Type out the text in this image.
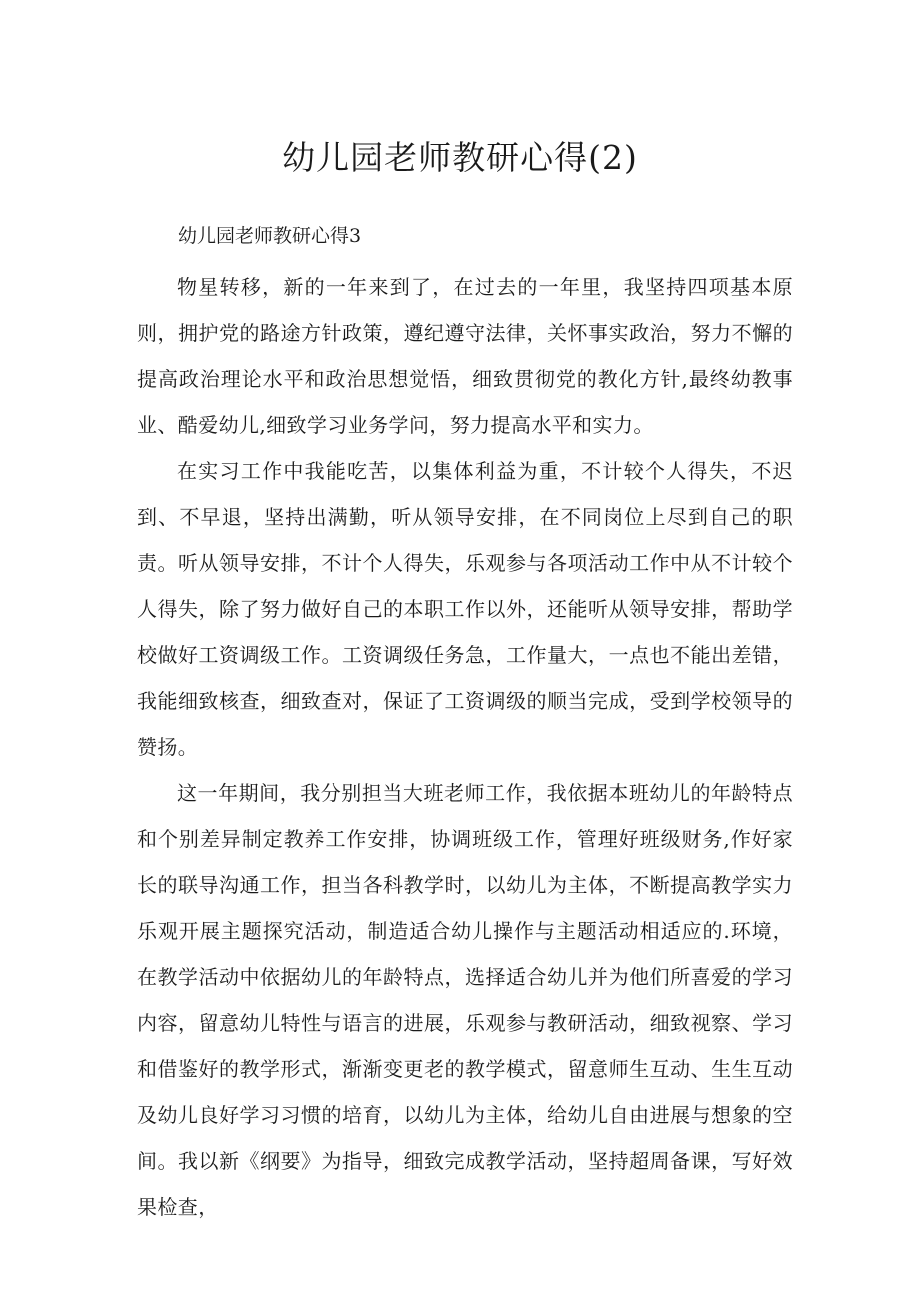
幼儿园老师教研心得(2)

幼儿园老师教研心得3

物星转移，新的一年来到了，在过去的一年里，我坚持四项基本原则，拥护党的路途方针政策，遵纪遵守法律，关怀事实政治，努力不懈的提高政治理论水平和政治思想觉悟，细致贯彻党的教化方针,最终幼教事业、酷爱幼儿,细致学习业务学问，努力提高水平和实力。

在实习工作中我能吃苦，以集体利益为重，不计较个人得失，不迟到、不早退，坚持出满勤，听从领导安排，在不同岗位上尽到自己的职责。听从领导安排，不计个人得失，乐观参与各项活动工作中从不计较个人得失，除了努力做好自己的本职工作以外，还能听从领导安排，帮助学校做好工资调级工作。工资调级任务急，工作量大，一点也不能出差错，我能细致核查，细致查对，保证了工资调级的顺当完成，受到学校领导的赞扬。

这一年期间，我分别担当大班老师工作，我依据本班幼儿的年龄特点和个别差异制定教养工作安排，协调班级工作，管理好班级财务,作好家长的联导沟通工作，担当各科教学时，以幼儿为主体，不断提高教学实力乐观开展主题探究活动，制造适合幼儿操作与主题活动相适应的.环境，在教学活动中依据幼儿的年龄特点，选择适合幼儿并为他们所喜爱的学习内容，留意幼儿特性与语言的进展，乐观参与教研活动，细致视察、学习和借鉴好的教学形式，渐渐变更老的教学模式，留意师生互动、生生互动及幼儿良好学习习惯的培育，以幼儿为主体，给幼儿自由进展与想象的空间。我以新《纲要》为指导，细致完成教学活动，坚持超周备课，写好效果检查，
